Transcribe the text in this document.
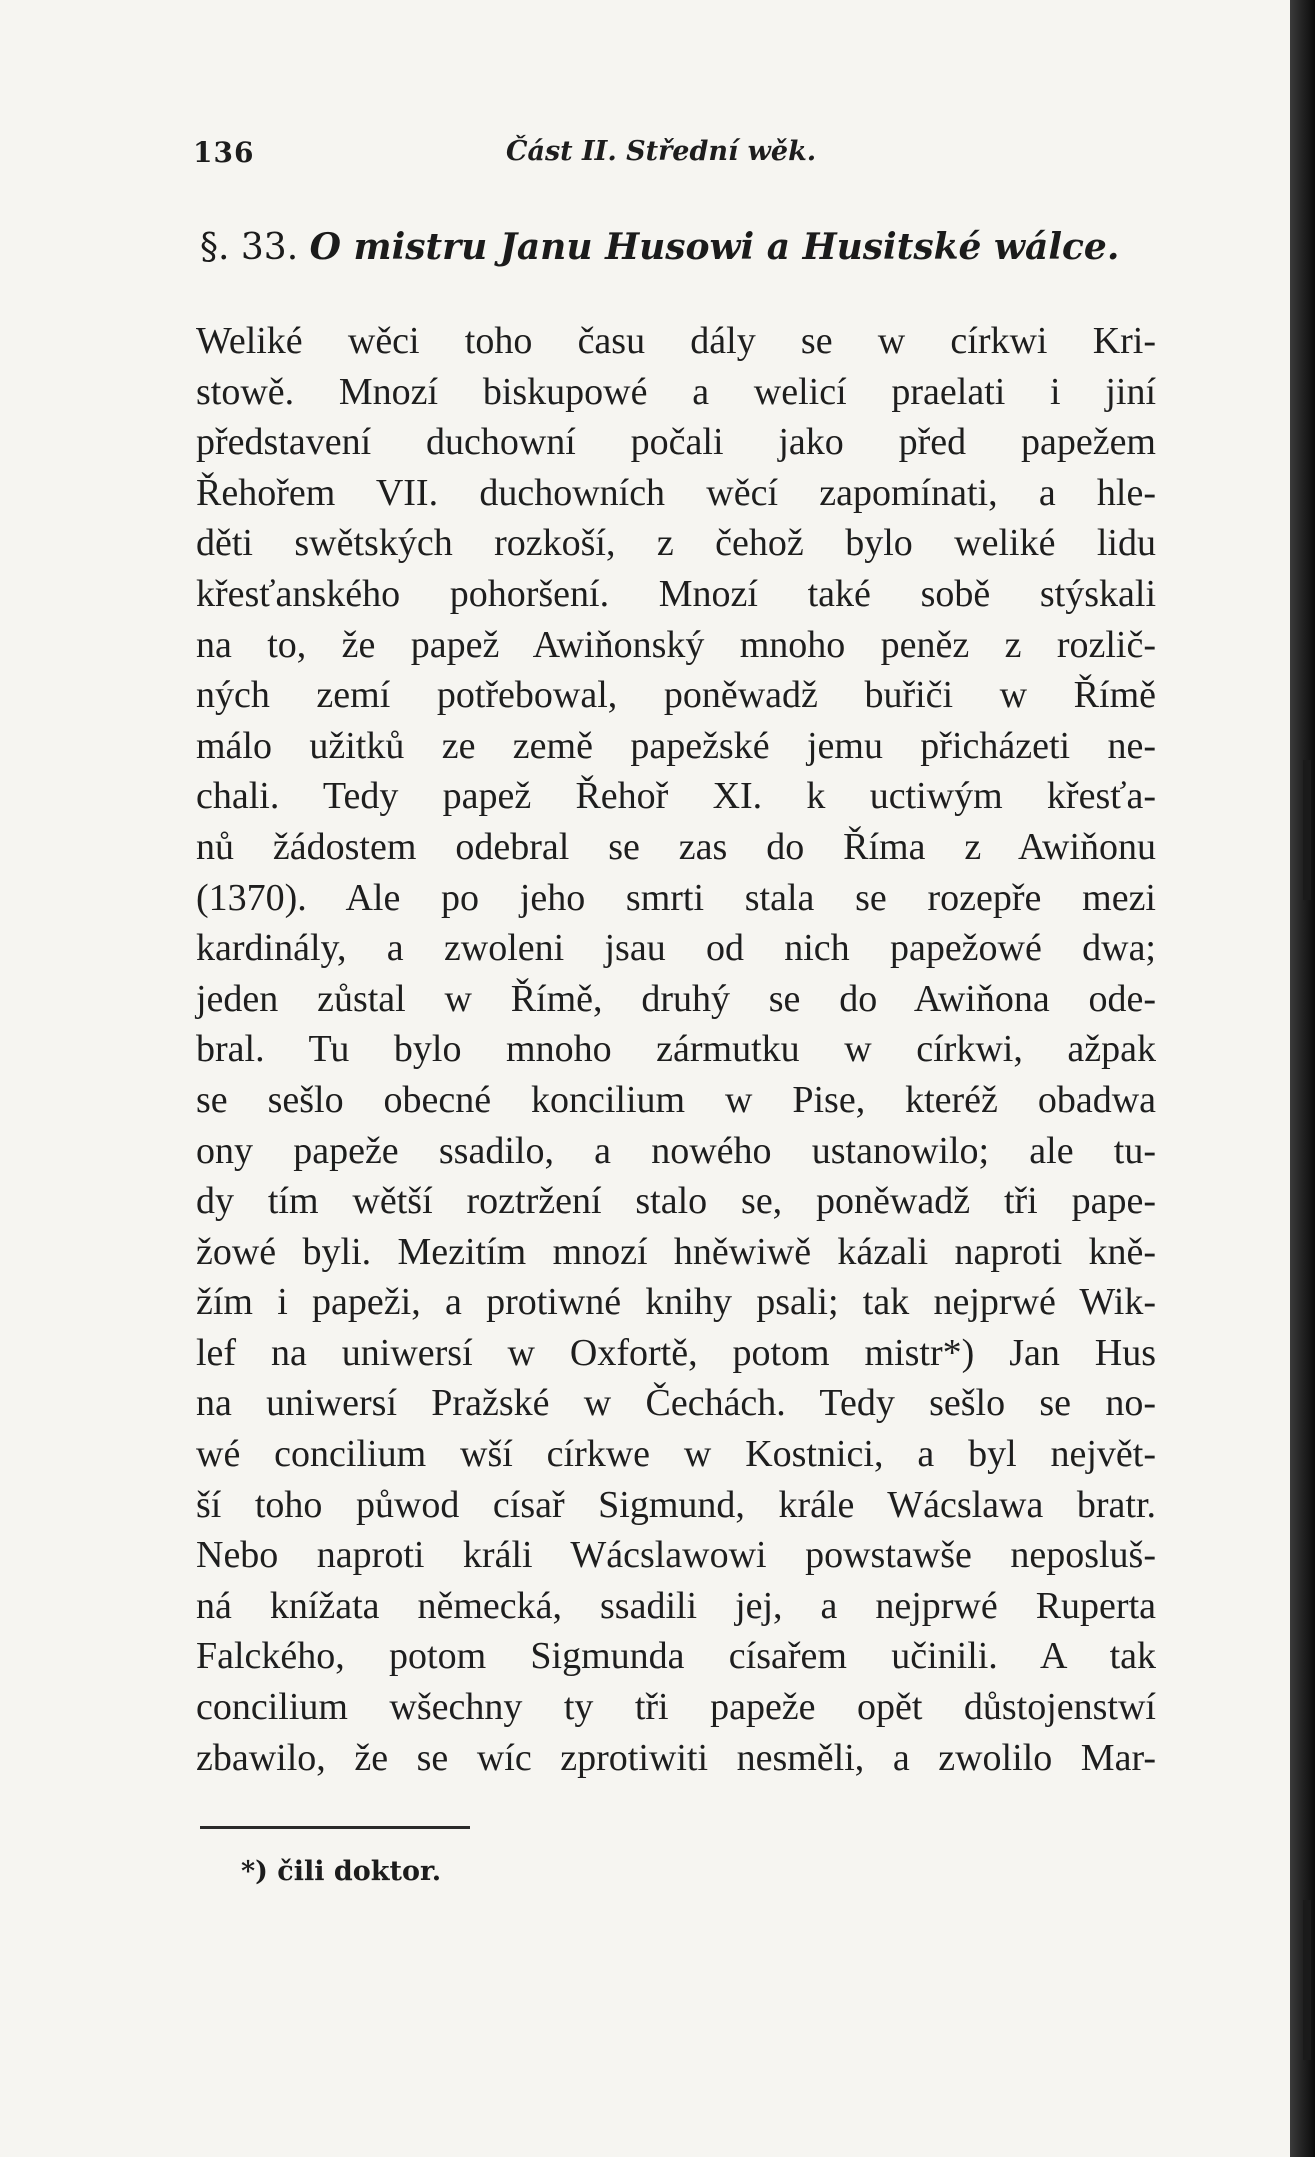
136	Část II. Střední wěk.
§. 33. O mistru Janu Husowi a Husitské wálce.
Weliké wěci toho času dály se w církwi Kri-
stowě. Mnozí biskupowé a welicí praelati i jiní
představení duchowní počali jako před papežem
Řehořem VII. duchowních wěcí zapomínati, a hle-
děti swětských rozkoší, z čehož bylo weliké lidu
křesťanského pohoršení. Mnozí také sobě stýskali
na to, že papež Awiňonský mnoho peněz z rozlič-
ných zemí potřebowal, poněwadž buřiči w Římě
málo užitků ze země papežské jemu přicházeti ne-
chali. Tedy papež Řehoř XI. k uctiwým křesťa-
nů žádostem odebral se zas do Říma z Awiňonu
(1370). Ale po jeho smrti stala se rozepře mezi
kardinály, a zwoleni jsau od nich papežowé dwa;
jeden zůstal w Římě, druhý se do Awiňona ode-
bral. Tu bylo mnoho zármutku w církwi, ažpak
se sešlo obecné koncilium w Pise, kteréž obadwa
ony papeže ssadilo, a nowého ustanowilo; ale tu-
dy tím wětší roztržení stalo se, poněwadž tři pape-
žowé byli. Mezitím mnozí hněwiwě kázali naproti kně-
žím i papeži, a protiwné knihy psali; tak nejprwé Wik-
lef na uniwersí w Oxfortě, potom mistr*) Jan Hus
na uniwersí Pražské w Čechách. Tedy sešlo se no-
wé concilium wší církwe w Kostnici, a byl největ-
ší toho půwod císař Sigmund, krále Wácslawa bratr.
Nebo naproti králi Wácslawowi powstawše neposluš-
ná knížata německá, ssadili jej, a nejprwé Ruperta
Falckého, potom Sigmunda císařem učinili. A tak
concilium wšechny ty tři papeže opět důstojenstwí
zbawilo, že se wíc zprotiwiti nesměli, a zwolilo Mar-
*) čili doktor.
